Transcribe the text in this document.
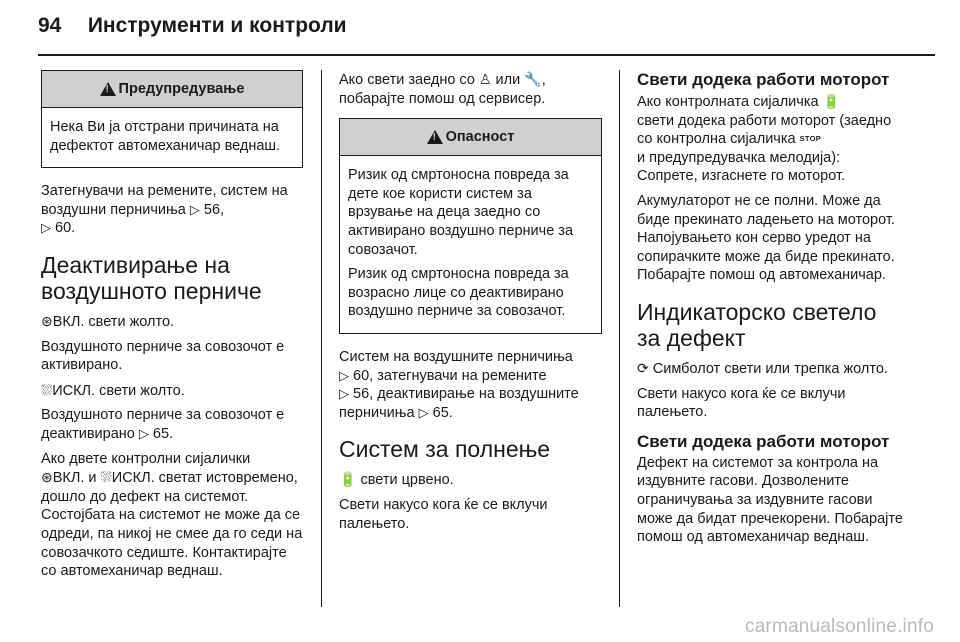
94 Инструменти и контроли
!
Предупредување

Нека Ви ја отстрани причината на дефектот автомеханичар веднаш.

Затегнувачи на ремените, систем на воздушни перничиња ▷ 56,
▷ 60.

Деактивирање на воздушното перниче

⊛ВКЛ. свети жолто.

Воздушното перниче за совозочот е активирано.

⛆ИСКЛ. свети жолто.

Воздушното перниче за совозочот е деактивирано ▷ 65.

Ако двете контролни сијалички
⊛ВКЛ. и ⛆ИСКЛ. светат истовремено, дошло до дефект на системот. Состојбата на системот не може да се одреди, па никој не смее да го седи на совозачкото седиште. Контактирајте со автомеханичар веднаш.

Ако свети заедно со ♙ или 🔧,
побарајте помош од сервисер.

!
Опасност

Ризик од смртоносна повреда за дете кое користи систем за врзување на деца заедно со активирано воздушно перниче за совозачот.

Ризик од смртоносна повреда за возрасно лице со деактивирано воздушно перниче за совозачот.

Систем на воздушните перничиња
▷ 60, затегнувачи на ремените
▷ 56, деактивирање на воздушните перничиња ▷ 65.

Систем за полнење

🔋 свети црвено.

Свети накусо кога ќе се вклучи палењето.

Свети додека работи моторот

Ако контролната сијаличка 🔋
свети додека работи моторот (заедно со контролна сијаличка STOP
и предупредувачка мелодија):
Сопрете, изгаснете го моторот.

Акумулаторот не се полни. Може да биде прекинато ладењето на моторот. Напојувањето кон серво уредот на сопирачките може да биде прекинато. Побарајте помош од автомеханичар.

Индикаторско светело за дефект

⟳ Симболот свети или трепка жолто.

Свети накусо кога ќе се вклучи палењето.

Свети додека работи моторот

Дефект на системот за контрола на издувните гасови. Дозволените ограничувања за издувните гасови може да бидат пречекорени. Побарајте помош од автомеханичар веднаш.

carmanualsonline.info
